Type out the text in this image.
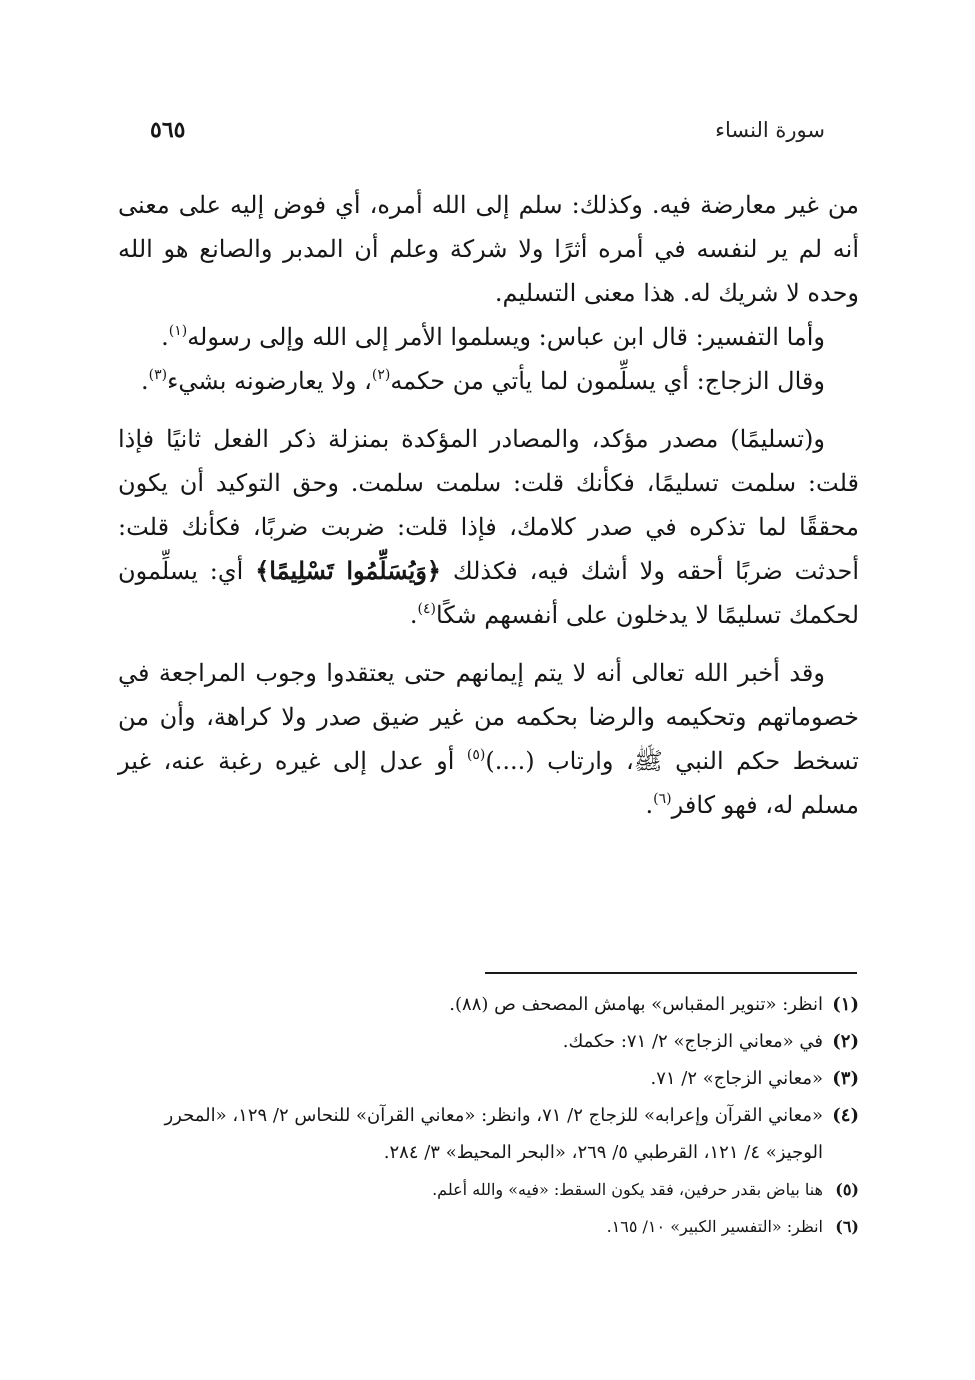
سورة النساء
٥٦٥

من غير معارضة فيه. وكذلك: سلم إلى الله أمره، أي فوض إليه على معنى أنه لم ير لنفسه في أمره أثرًا ولا شركة وعلم أن المدبر والصانع هو الله وحده لا شريك له. هذا معنى التسليم.

وأما التفسير: قال ابن عباس: ويسلموا الأمر إلى الله وإلى رسوله$^{(١)}$.

وقال الزجاج: أي يسلِّمون لما يأتي من حكمه$^{(٢)}$، ولا يعارضونه بشيء$^{(٣)}$.

و(تسليمًا) مصدر مؤكد، والمصادر المؤكدة بمنزلة ذكر الفعل ثانيًا فإذا قلت: سلمت تسليمًا، فكأنك قلت: سلمت سلمت. وحق التوكيد أن يكون محققًا لما تذكره في صدر كلامك، فإذا قلت: ضربت ضربًا، فكأنك قلت: أحدثت ضربًا أحقه ولا أشك فيه، فكذلك ﴿وَيُسَلِّمُوا تَسْلِيمًا﴾ أي: يسلِّمون لحكمك تسليمًا لا يدخلون على أنفسهم شكًا$^{(٤)}$.

وقد أخبر الله تعالى أنه لا يتم إيمانهم حتى يعتقدوا وجوب المراجعة في خصوماتهم وتحكيمه والرضا بحكمه من غير ضيق صدر ولا كراهة، وأن من تسخط حكم النبي ﷺ، وارتاب (....)$^{(٥)}$ أو عدل إلى غيره رغبة عنه، غير مسلم له، فهو كافر$^{(٦)}$.

(١)
انظر: «تنوير المقباس» بهامش المصحف ص (٨٨).
(٢)
في «معاني الزجاج» ٢/ ٧١: حكمك.
(٣)
«معاني الزجاج» ٢/ ٧١.
(٤)
«معاني القرآن وإعرابه» للزجاج ٢/ ٧١، وانظر: «معاني القرآن» للنحاس ٢/ ١٢٩، «المحرر الوجيز» ٤/ ١٢١، القرطبي ٥/ ٢٦٩، «البحر المحيط» ٣/ ٢٨٤.
(٥)
هنا بياض بقدر حرفين، فقد يكون السقط: «فيه» والله أعلم.
(٦)
انظر: «التفسير الكبير» ١٠/ ١٦٥.
